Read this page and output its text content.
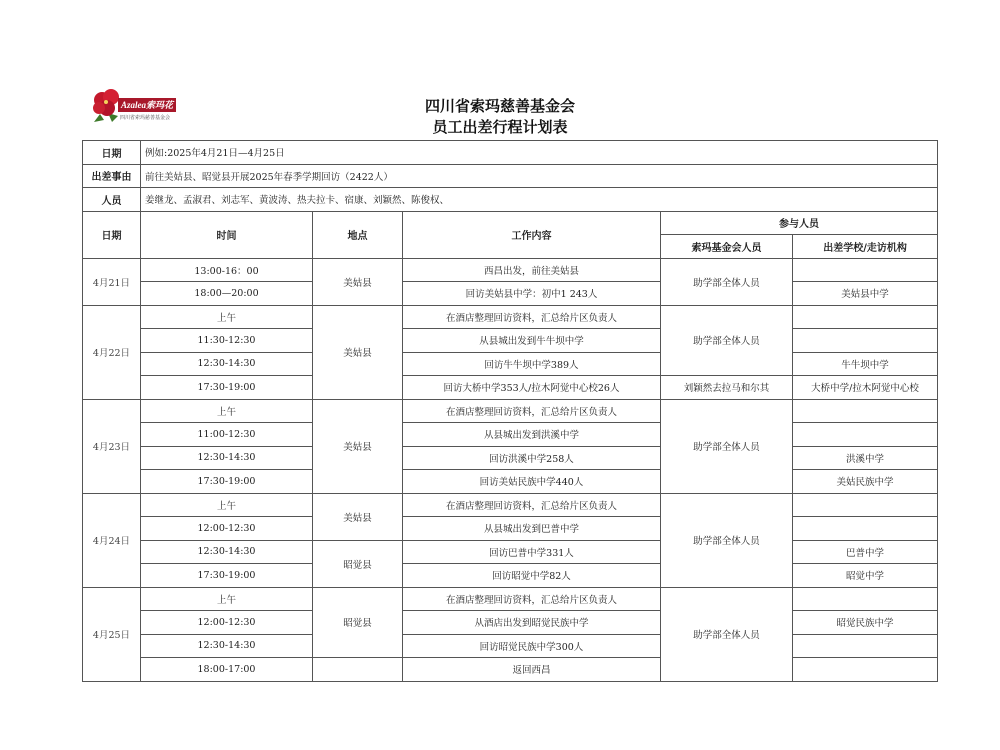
Azalea索玛花
四川省索玛慈善基金会
四川省索玛慈善基金会
员工出差行程计划表
日期	例如:2025年4月21日—4月25日				
出差事由	前往美姑县、昭觉县开展2025年春季学期回访（2422人）				
人员	姜继龙、孟淑君、刘志军、黄波涛、热夫拉卡、宿康、刘颖然、陈俊权、				
日期	时间	地点	工作内容	参与人员	
				索玛基金会人员	出差学校/走访机构
4月21日	13:00-16：00	美姑县	西昌出发，前往美姑县	助学部全体人员	
	18:00—20:00		回访美姑县中学：初中1 243人		美姑县中学
4月22日	上午	美姑县	在酒店整理回访资料，汇总给片区负责人	助学部全体人员	
	11:30-12:30		从县城出发到牛牛坝中学		
	12:30-14:30		回访牛牛坝中学389人		牛牛坝中学
	17:30-19:00		回访大桥中学353人/拉木阿觉中心校26人	刘颖然去拉马和尔其	大桥中学/拉木阿觉中心校
4月23日	上午	美姑县	在酒店整理回访资料，汇总给片区负责人	助学部全体人员	
	11:00-12:30		从县城出发到洪溪中学		
	12:30-14:30		回访洪溪中学258人		洪溪中学
	17:30-19:00		回访美姑民族中学440人		美姑民族中学
4月24日	上午	美姑县	在酒店整理回访资料，汇总给片区负责人	助学部全体人员	
	12:00-12:30		从县城出发到巴普中学		
	12:30-14:30	昭觉县	回访巴普中学331人		巴普中学
	17:30-19:00		回访昭觉中学82人		昭觉中学
4月25日	上午	昭觉县	在酒店整理回访资料，汇总给片区负责人	助学部全体人员	
	12:00-12:30		从酒店出发到昭觉民族中学		昭觉民族中学
	12:30-14:30		回访昭觉民族中学300人		
	18:00-17:00		返回西昌		
